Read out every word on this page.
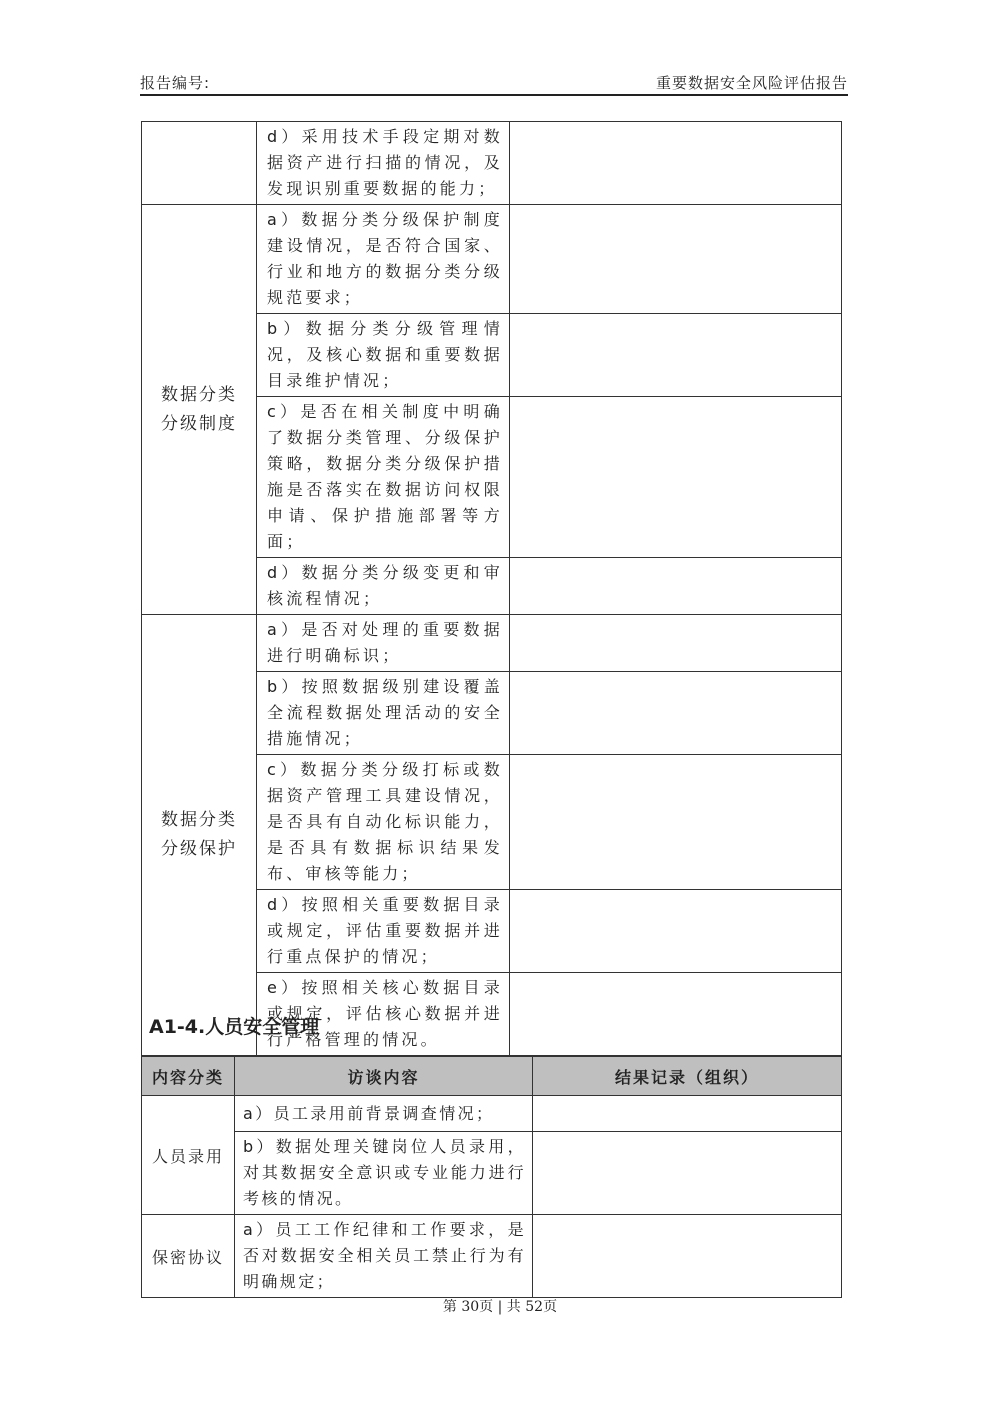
报告编号:	重要数据安全风险评估报告
	d）采用技术手段定期对数据资产进行扫描的情况，及发现识别重要数据的能力；	
数据分类分级制度	a）数据分类分级保护制度建设情况，是否符合国家、行业和地方的数据分类分级规范要求；	
	b）数据分类分级管理情况，及核心数据和重要数据目录维护情况；	
	c）是否在相关制度中明确了数据分类管理、分级保护策略，数据分类分级保护措施是否落实在数据访问权限申请、保护措施部署等方面；	
	d）数据分类分级变更和审核流程情况；	
数据分类分级保护	a）是否对处理的重要数据进行明确标识；	
	b）按照数据级别建设覆盖全流程数据处理活动的安全措施情况；	
	c）数据分类分级打标或数据资产管理工具建设情况，是否具有自动化标识能力，是否具有数据标识结果发布、审核等能力；	
	d）按照相关重要数据目录或规定，评估重要数据并进行重点保护的情况；	
	e）按照相关核心数据目录或规定，评估核心数据并进行严格管理的情况。	
A1-4.人员安全管理
内容分类	访谈内容	结果记录（组织）
人员录用	a）员工录用前背景调查情况；	
	b）数据处理关键岗位人员录用，对其数据安全意识或专业能力进行考核的情况。	
保密协议	a）员工工作纪律和工作要求，是否对数据安全相关员工禁止行为有明确规定；	
第 30页 | 共 52页
